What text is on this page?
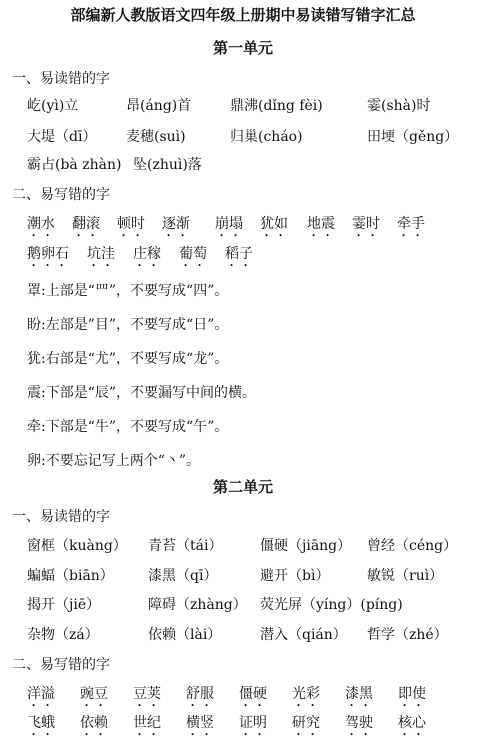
部编新人教版语文四年级上册期中易读错写错字汇总
第一单元
一、易读错的字
屹(yì)立	昂(áng)首	鼎沸(dǐng fèi)	霎(shà)时
大堤（dī） 麦穗(suì)	归巢(cháo)	田埂（gěng）
霸占(bà zhàn) 坠(zhuì)落
二、易写错的字
潮水 翻滚 顿时 逐渐 崩塌 犹如 地震 霎时 牵手
鹅卵石 坑洼 庄稼 葡萄 稻子
罩:上部是“罒”，不要写成“四”。
盼:左部是”目”，不要写成“日”。
犹:右部是“尤”，不要写成“龙”。
震:下部是“辰”，不要漏写中间的横。
牵:下部是“牛”，不要写成“午”。
卵:不要忘记写上两个“丶”。
第二单元
一、易读错的字
窗框（kuàng） 青苔（tái）	僵硬（jiāng） 曾经（céng）
蝙蝠（biān） 漆黑（qī）	避开（bì）	敏锐（ruì）
揭开（jiē）	障碍（zhàng） 荧光屏（yíng）(píng)
杂物（zá）	依赖（lài）	潜入（qián） 哲学（zhé）
二、易写错的字
洋溢 豌豆 豆荚 舒服 僵硬 光彩 漆黑 即使
飞蛾 依赖 世纪 横竖 证明 研究 驾驶 核心
